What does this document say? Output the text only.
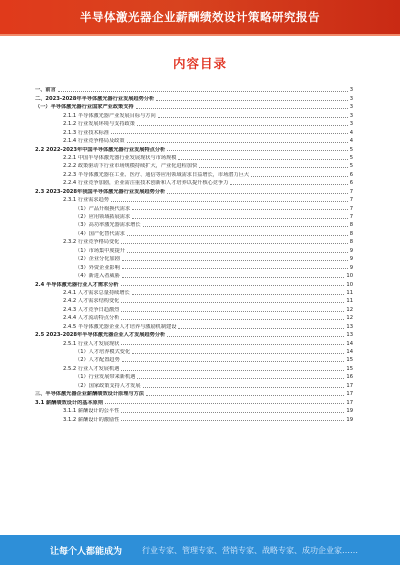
半导体激光器企业薪酬绩效设计策略研究报告
内容目录
一、前言	3
二、2023-2028年半导体激光器行业发展趋势分析	3
（一）半导体激光器行业国家产业政策支持	3
2.1.1 半导体激光器产业发展目标与方向	3
2.1.2 行业发展环境与支持政策	3
2.1.3 行业技术标准	4
2.1.4 行业竞争格局及政策	4
2.2 2022-2023年中国半导体激光器行业发展特点分析	5
2.2.1 中国半导体激光器行业发展现状与市场规模	5
2.2.2 政策驱动下行业市场规模持续扩大，产业化进程加快	5
2.2.3 半导体激光器在工业、医疗、通信等应用领域需求日益增长，市场潜力巨大	6
2.2.4 行业竞争加剧，企业需注重技术创新和人才培养以提升核心竞争力	6
2.3 2023-2028年我国半导体激光器行业发展趋势分析	7
2.3.1 行业需求趋势	7
（1）产品升级换代需求	7
（2）应用领域拓展需求	7
（3）高功率激光器需求增长	8
（4）国产化替代需求	8
2.3.2 行业竞争格局变化	8
（1）市场集中度提升	9
（2）企业分化加剧	9
（3）外资企业影响	9
（4）新进入者威胁	10
2.4 半导体激光器行业人才需求分析	10
2.4.1 人才需求总量持续增长	11
2.4.2 人才需求结构变化	11
2.4.3 人才竞争日趋激烈	12
2.4.4 人才流动特点分析	12
2.4.5 半导体激光器企业人才培养与激励机制建设	13
2.5 2023-2028年半导体激光器企业人才发展趋势分析	13
2.5.1 行业人才发展现状	14
（1）人才培养模式变化	14
（2）人才配置趋势	15
2.5.2 行业人才发展机遇	15
（1）行业发展带来新机遇	16
（2）国家政策支持人才发展	17
三、半导体激光器企业薪酬绩效设计原理与方法	17
3.1 薪酬绩效设计的基本原则	17
3.1.1 薪酬设计的公平性	19
3.1.2 薪酬设计的激励性	19
让每个人都能成为	行业专家、管理专家、营销专家、战略专家、成功企业家……
